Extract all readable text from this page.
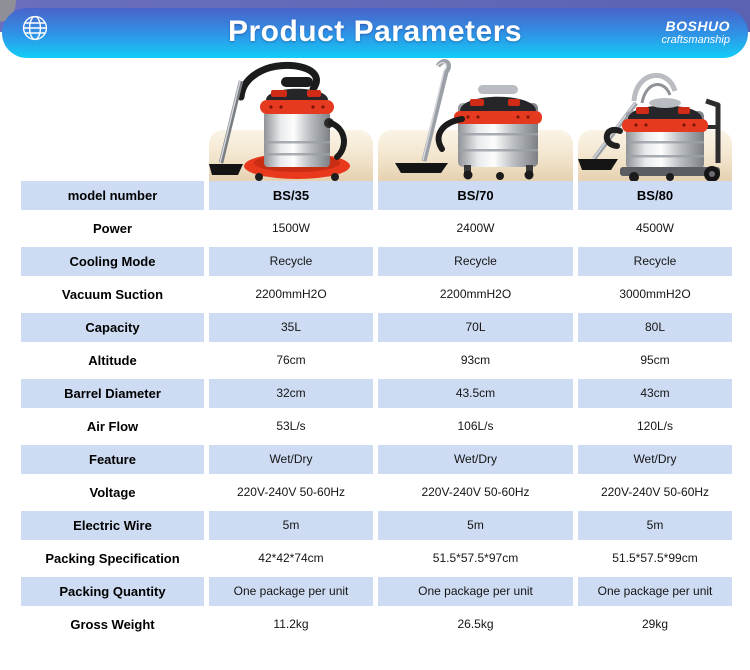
Product Parameters	BOSHUO
craftsmanship
model number	BS/35	BS/70	BS/80
Power	1500W	2400W	4500W
Cooling Mode	Recycle	Recycle	Recycle
Vacuum Suction	2200mmH2O	2200mmH2O	3000mmH2O
Capacity	35L	70L	80L
Altitude	76cm	93cm	95cm
Barrel Diameter	32cm	43.5cm	43cm
Air Flow	53L/s	106L/s	120L/s
Feature	Wet/Dry	Wet/Dry	Wet/Dry
Voltage	220V-240V 50-60Hz	220V-240V 50-60Hz	220V-240V 50-60Hz
Electric Wire	5m	5m	5m
Packing Specification	42*42*74cm	51.5*57.5*97cm	51.5*57.5*99cm
Packing Quantity	One package per unit	One package per unit	One package per unit
Gross Weight	11.2kg	26.5kg	29kg
